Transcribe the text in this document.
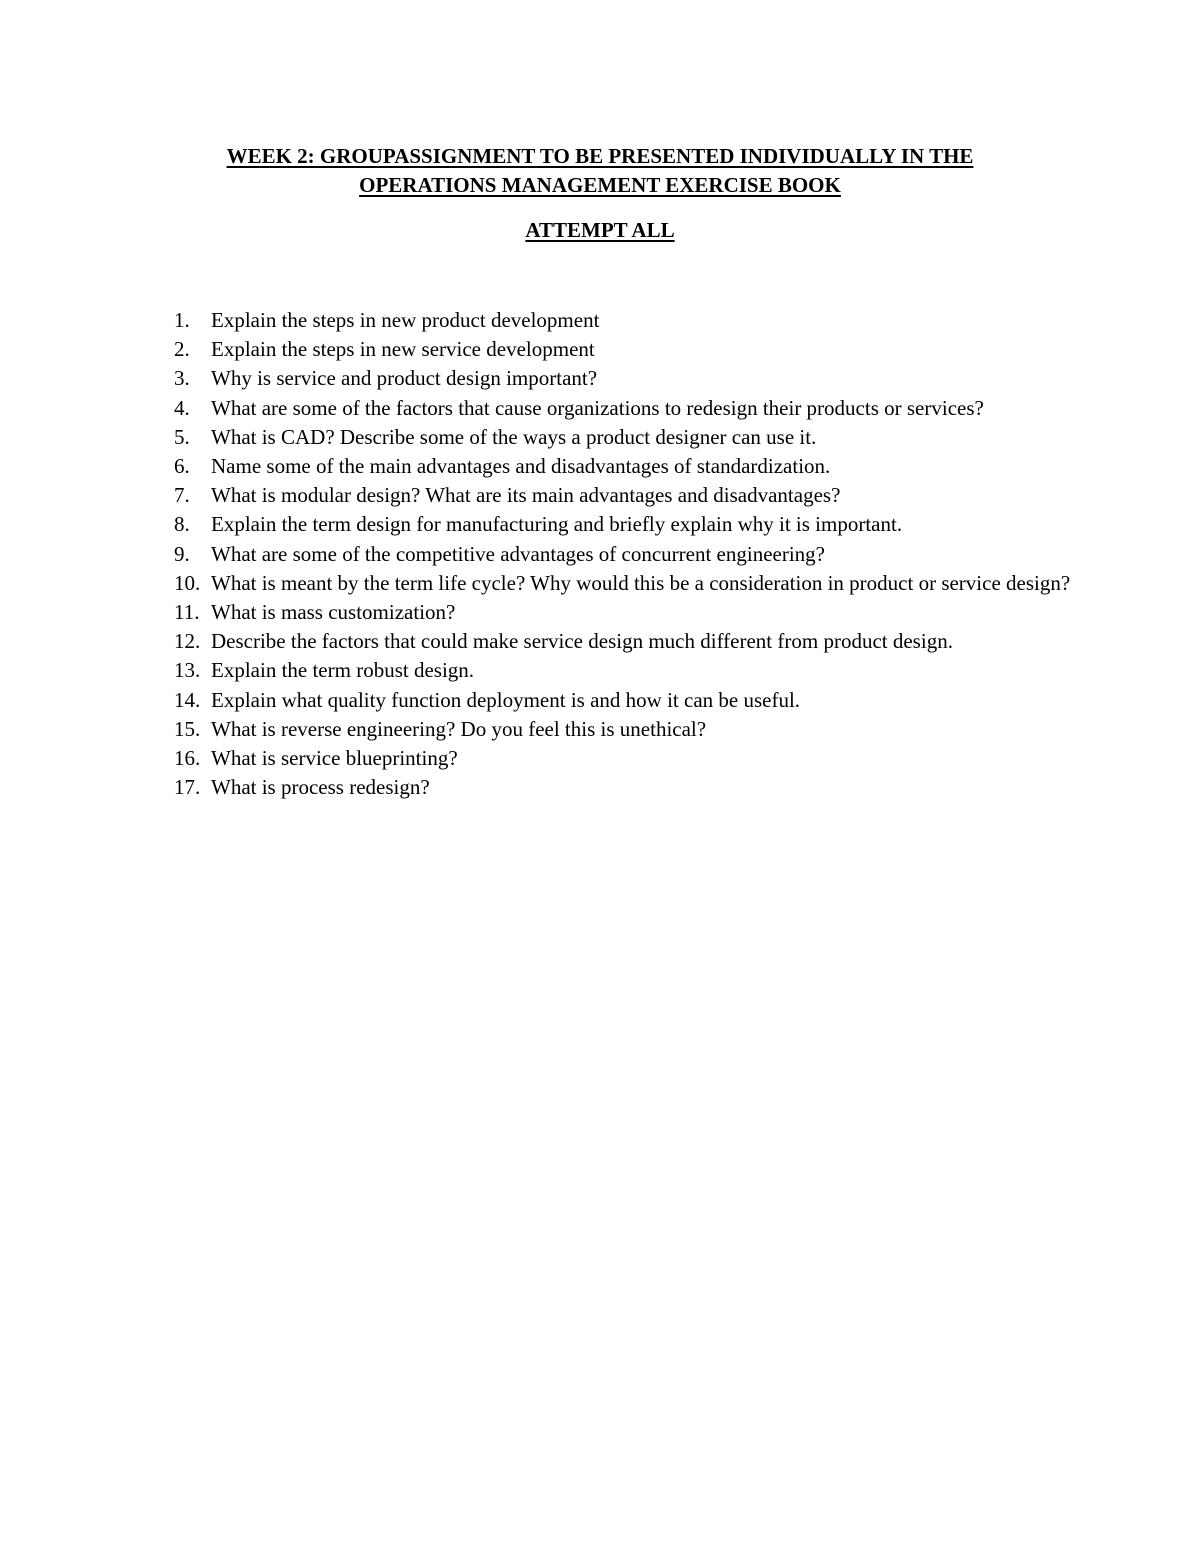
WEEK 2: GROUPASSIGNMENT TO BE PRESENTED INDIVIDUALLY IN THE
OPERATIONS MANAGEMENT EXERCISE BOOK
ATTEMPT ALL
1. Explain the steps in new product development
2. Explain the steps in new service development
3. Why is service and product design important?
4. What are some of the factors that cause organizations to redesign their products or services?
5. What is CAD? Describe some of the ways a product designer can use it.
6. Name some of the main advantages and disadvantages of standardization.
7. What is modular design? What are its main advantages and disadvantages?
8. Explain the term design for manufacturing and briefly explain why it is important.
9. What are some of the competitive advantages of concurrent engineering?
10. What is meant by the term life cycle? Why would this be a consideration in product or service design?
11. What is mass customization?
12. Describe the factors that could make service design much different from product design.
13. Explain the term robust design.
14. Explain what quality function deployment is and how it can be useful.
15. What is reverse engineering? Do you feel this is unethical?
16. What is service blueprinting?
17. What is process redesign?
